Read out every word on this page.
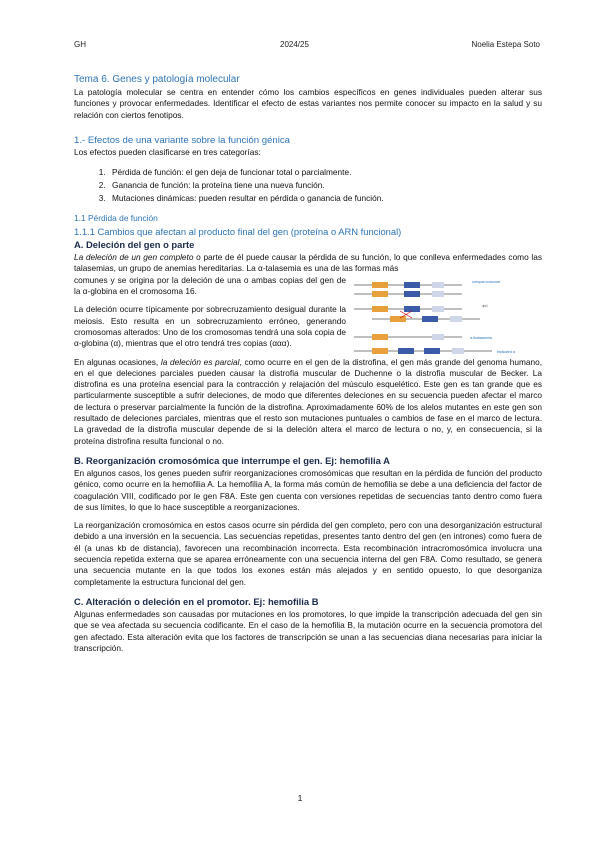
GH	2024/25	Noelia Estepa Soto
Tema 6. Genes y patología molecular

La patología molecular se centra en entender cómo los cambios específicos en genes individuales pueden alterar sus funciones y provocar enfermedades. Identificar el efecto de estas variantes nos permite conocer su impacto en la salud y su relación con ciertos fenotipos.

1.- Efectos de una variante sobre la función génica

Los efectos pueden clasificarse en tres categorías:

1. Pérdida de función: el gen deja de funcionar total o parcialmente.
2. Ganancia de función: la proteína tiene una nueva función.
3. Mutaciones dinámicas: pueden resultar en pérdida o ganancia de función.
1.1 Pérdida de función
1.1.1 Cambios que afectan al producto final del gen (proteína o ARN funcional)
A. Deleción del gen o parte

La deleción de un gen completo o parte de él puede causar la pérdida de su función, lo que conlleva enfermedades como las talasemias, un grupo de anemias hereditarias. La α-talasemia es una de las formas más

comunes y se origina por la deleción de una o ambas copias del gen de la α-globina en el cromosoma 16.

La deleción ocurre típicamente por sobrecruzamiento desigual durante la meiosis. Esto resulta en un sobrecruzamiento erróneo, generando cromosomas alterados: Uno de los cromosomas tendrá una sola copia de α-globina (α), mientras que el otro tendrá tres copias (ααα).

unequal crossover
ψα1
α-thalassemia
triplicated α

En algunas ocasiones, la deleción es parcial, como ocurre en el gen de la distrofina, el gen más grande del genoma humano, en el que deleciones parciales pueden causar la distrofia muscular de Duchenne o la distrofia muscular de Becker. La distrofina es una proteína esencial para la contracción y relajación del músculo esquelético. Este gen es tan grande que es particularmente susceptible a sufrir deleciones, de modo que diferentes deleciones en su secuencia pueden afectar el marco de lectura o preservar parcialmente la función de la distrofina. Aproximadamente 60% de los alelos mutantes en este gen son resultado de deleciones parciales, mientras que el resto son mutaciones puntuales o cambios de fase en el marco de lectura. La gravedad de la distrofia muscular depende de si la deleción altera el marco de lectura o no, y, en consecuencia, si la proteína distrofina resulta funcional o no.

B. Reorganización cromosómica que interrumpe el gen. Ej: hemofilia A

En algunos casos, los genes pueden sufrir reorganizaciones cromosómicas que resultan en la pérdida de función del producto génico, como ocurre en la hemofilia A. La hemofilia A, la forma más común de hemofilia se debe a una deficiencia del factor de coagulación VIII, codificado por le gen F8A. Este gen cuenta con versiones repetidas de secuencias tanto dentro como fuera de sus límites, lo que lo hace susceptible a reorganizaciones.

La reorganización cromosómica en estos casos ocurre sin pérdida del gen completo, pero con una desorganización estructural debido a una inversión en la secuencia. Las secuencias repetidas, presentes tanto dentro del gen (en intrones) como fuera de él (a unas kb de distancia), favorecen una recombinación incorrecta. Esta recombinación intracromosómica involucra una secuencia repetida externa que se aparea erróneamente con una secuencia interna del gen F8A. Como resultado, se genera una secuencia mutante en la que todos los exones están más alejados y en sentido opuesto, lo que desorganiza completamente la estructura funcional del gen.

C. Alteración o deleción en el promotor. Ej: hemofilia B

Algunas enfermedades son causadas por mutaciones en los promotores, lo que impide la transcripción adecuada del gen sin que se vea afectada su secuencia codificante. En el caso de la hemofilia B, la mutación ocurre en la secuencia promotora del gen afectado. Esta alteración evita que los factores de transcripción se unan a las secuencias diana necesarias para iniciar la transcripción.

1
